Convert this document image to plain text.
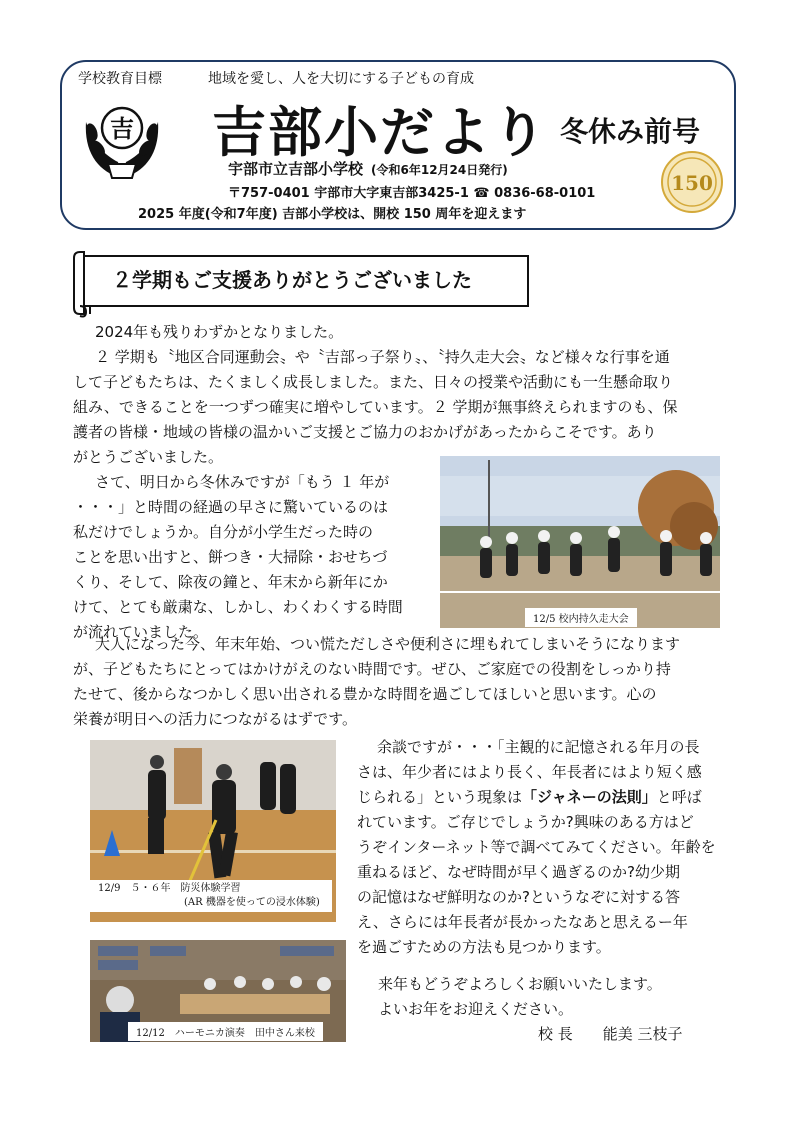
学校教育目標	地域を愛し、人を大切にする子どもの育成
吉 吉部小だより 冬休み前号
宇部市立吉部小学校 (令和6年12月24日発行)
〒757-0401 宇部市大字東吉部3425-1 ☎ 0836-68-0101
2025 年度(令和7年度) 吉部小学校は、開校 150 周年を迎えます
150
２学期もご支援ありがとうございました
2024年も残りわずかとなりました。
２ 学期も〝地区合同運動会〟や〝吉部っ子祭り〟、〝持久走大会〟など様々な行事を通
して子どもたちは、たくましく成長しました。また、日々の授業や活動にも一生懸命取り
組み、できることを一つずつ確実に増やしています。２ 学期が無事終えられますのも、保
護者の皆様・地域の皆様の温かいご支援とご協力のおかげがあったからこそです。あり
がとうございました。
さて、明日から冬休みですが「もう １ 年が
・・・」と時間の経過の早さに驚いているのは
私だけでしょうか。自分が小学生だった時の
ことを思い出すと、餅つき・大掃除・おせちづ
くり、そして、除夜の鐘と、年末から新年にか
けて、とても厳粛な、しかし、わくわくする時間
が流れていました。
12/5 校内持久走大会
大人になった今、年末年始、つい慌ただしさや便利さに埋もれてしまいそうになります
が、子どもたちにとってはかけがえのない時間です。ぜひ、ご家庭での役割をしっかり持
たせて、後からなつかしく思い出される豊かな時間を過ごしてほしいと思います。心の
栄養が明日への活力につながるはずです。
12/9　５・６年　防災体験学習
(AR 機器を使っての浸水体験)
余談ですが・・・「主観的に記憶される年月の長
さは、年少者にはより長く、年長者にはより短く感
じられる」という現象は「ジャネーの法則」と呼ば
れています。ご存じでしょうか?興味のある方はど
うぞインターネット等で調べてみてください。年齢を
重ねるほど、なぜ時間が早く過ぎるのか?幼少期
の記憶はなぜ鮮明なのか?というなぞに対する答
え、さらには年長者が長かったなあと思えるー年
を過ごすための方法も見つかります。
12/12　ハーモニカ演奏　田中さん来校
来年もどうぞよろしくお願いいたします。
よいお年をお迎えください。
校 長　　能美 三枝子
